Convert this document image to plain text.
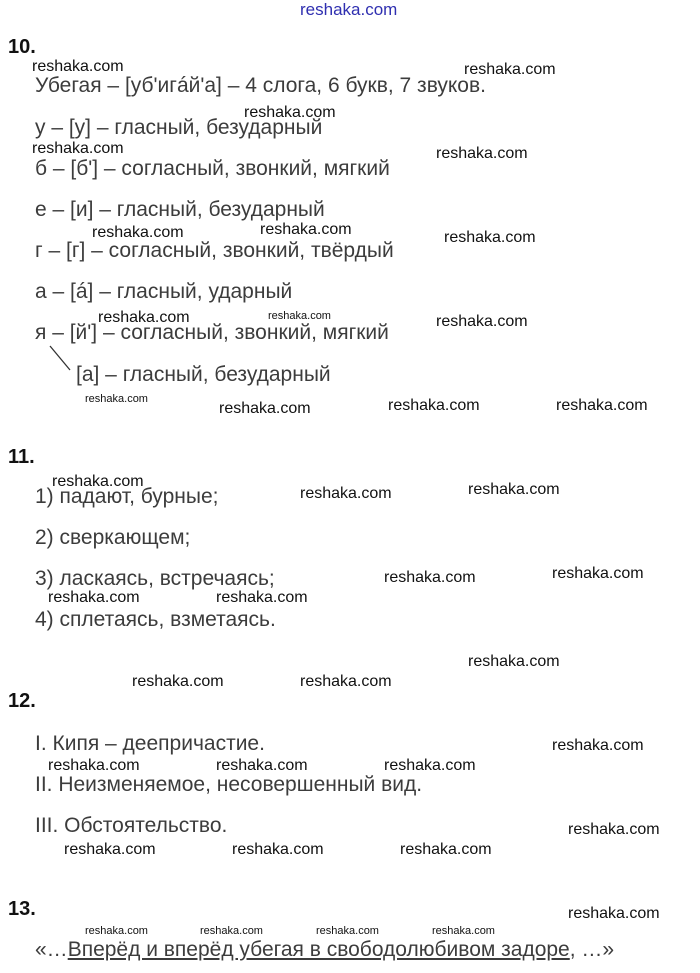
reshaka.com
10.
Убегая – [уб'игáй'а] – 4 слога, 6 букв, 7 звуков.
у – [у] – гласный, безударный
б – [б'] – согласный, звонкий, мягкий
е – [и] – гласный, безударный
г – [г] – согласный, звонкий, твёрдый
а – [á] – гласный, ударный
я – [й'] – согласный, звонкий, мягкий
[а] – гласный, безударный
11.
1) падают, бурные;
2) сверкающем;
3) ласкаясь, встречаясь;
4) сплетаясь, взметаясь.
12.
I. Кипя – деепричастие.
II. Неизменяемое, несовершенный вид.
III. Обстоятельство.
13.
«…Вперёд и вперёд убегая в свободолюбивом задоре, …»
reshaka.com	reshaka.com
reshaka.com
reshaka.com	reshaka.com
reshaka.com	reshaka.com	reshaka.com
reshaka.com	reshaka.com	reshaka.com
reshaka.com
reshaka.com	reshaka.com	reshaka.com
reshaka.com
reshaka.com	reshaka.com
reshaka.com	reshaka.com
reshaka.com	reshaka.com
reshaka.com
reshaka.com	reshaka.com
reshaka.com
reshaka.com	reshaka.com	reshaka.com
reshaka.com
reshaka.com	reshaka.com	reshaka.com
reshaka.com
reshaka.com	reshaka.com	reshaka.com	reshaka.com
